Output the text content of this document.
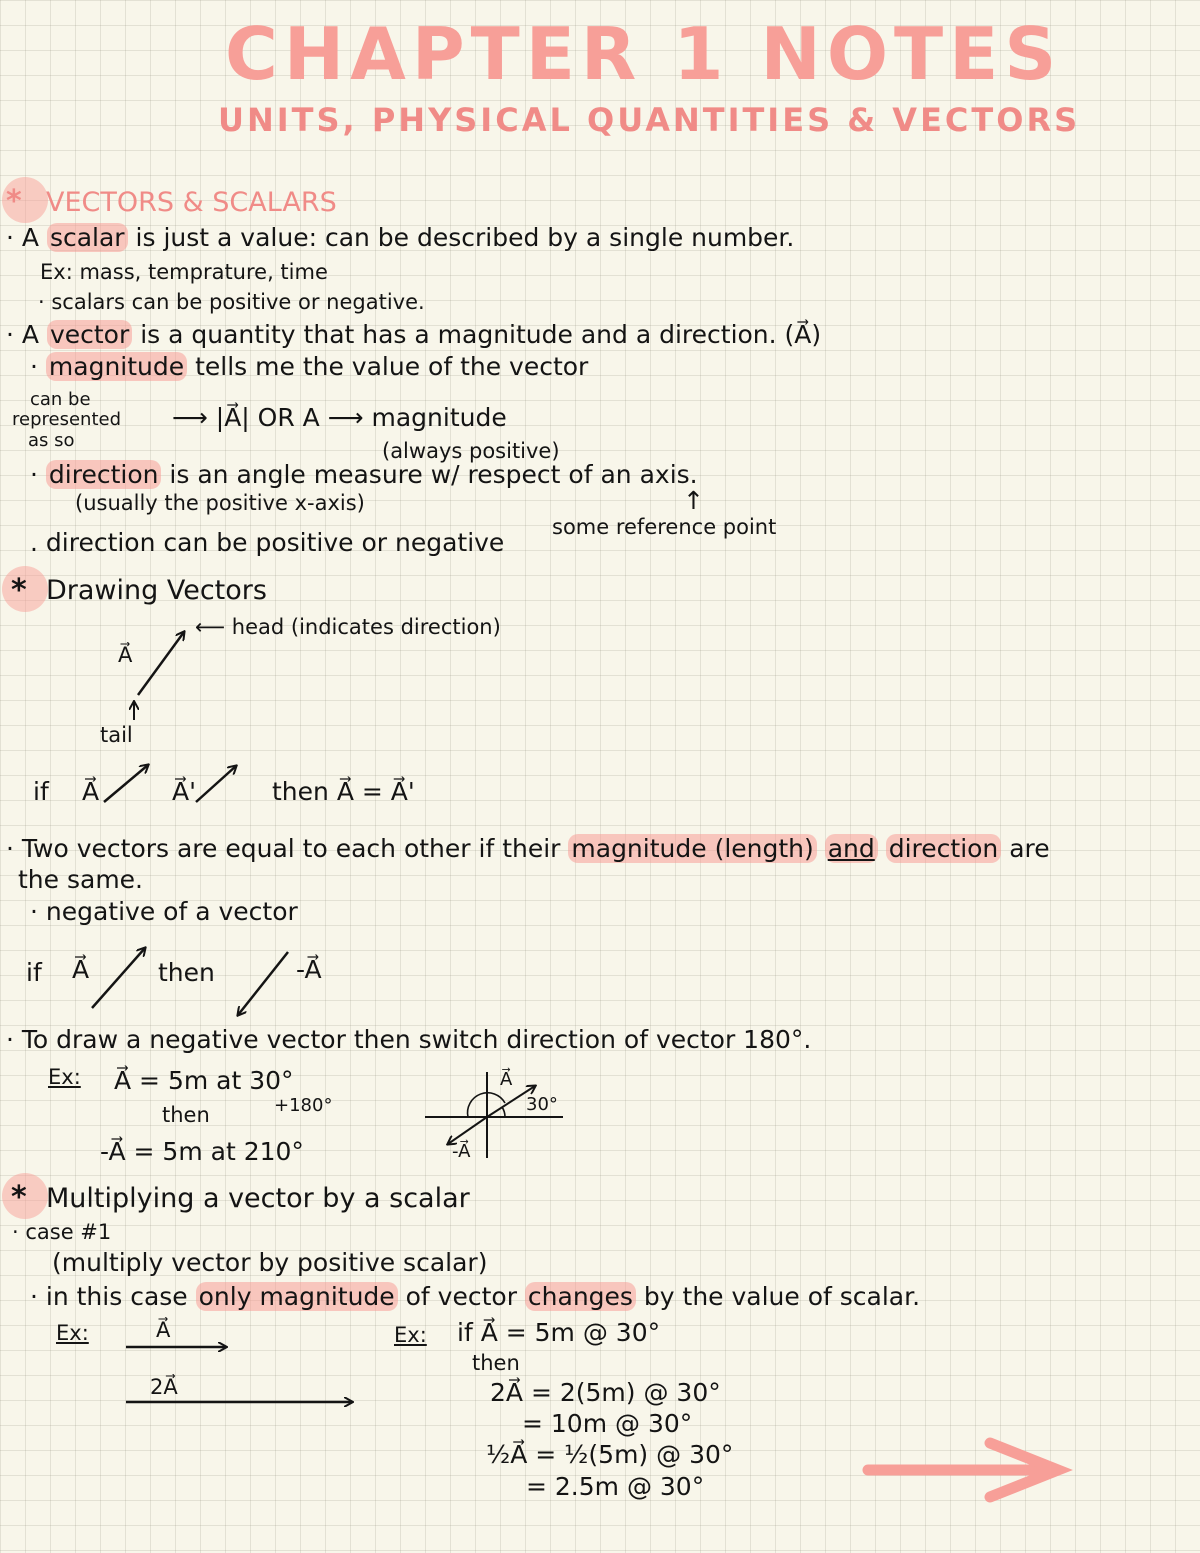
CHAPTER 1 NOTES
UNITS, PHYSICAL QUANTITIES & VECTORS
* VECTORS & SCALARS
· A scalar is just a value: can be described by a single number.
Ex: mass, temprature, time
· scalars can be positive or negative.
· A vector is a quantity that has a magnitude and a direction. (A⃗)
· magnitude tells me the value of the vector
can be
represented
as so
⟶ |A⃗| OR A ⟶ magnitude
(always positive)
· direction is an angle measure w/ respect of an axis.
(usually the positive x-axis)	↑
some reference point
. direction can be positive or negative
* Drawing Vectors
⟵ head (indicates direction)
A⃗
tail
if A⃗	A⃗'	then A⃗ = A⃗'
· Two vectors are equal to each other if their magnitude (length) and direction are
the same.
· negative of a vector
if A⃗	then	-A⃗
· To draw a negative vector then switch direction of vector 180°.
Ex: A⃗ = 5m at 30°
then	+180°
-A⃗ = 5m at 210°
A⃗
30°
-A⃗
* Multiplying a vector by a scalar
· case #1
(multiply vector by positive scalar)
· in this case only magnitude of vector changes by the value of scalar.
Ex:	A⃗
2A⃗
Ex: if A⃗ = 5m @ 30°
then
2A⃗ = 2(5m) @ 30°
= 10m @ 30°
½A⃗ = ½(5m) @ 30°
= 2.5m @ 30°
